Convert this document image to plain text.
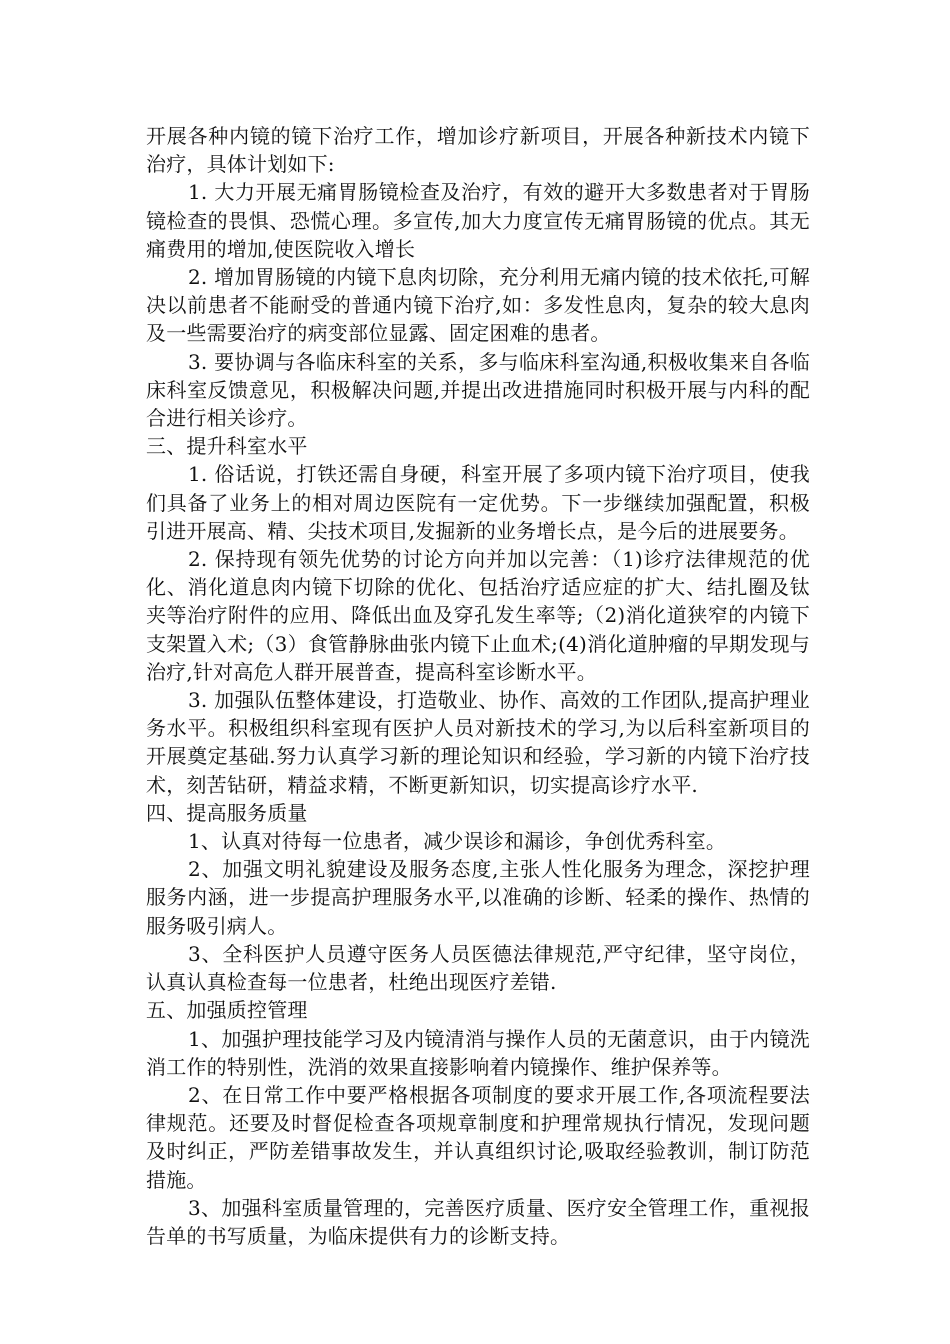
开展各种内镜的镜下治疗工作，增加诊疗新项目，开展各种新技术内镜下治疗，具体计划如下:

1. 大力开展无痛胃肠镜检查及治疗，有效的避开大多数患者对于胃肠镜检查的畏惧、恐慌心理。多宣传,加大力度宣传无痛胃肠镜的优点。其无痛费用的增加,使医院收入增长

2. 增加胃肠镜的内镜下息肉切除，充分利用无痛内镜的技术依托,可解决以前患者不能耐受的普通内镜下治疗,如：多发性息肉，复杂的较大息肉及一些需要治疗的病变部位显露、固定困难的患者。

3. 要协调与各临床科室的关系，多与临床科室沟通,积极收集来自各临床科室反馈意见，积极解决问题,并提出改进措施同时积极开展与内科的配合进行相关诊疗。

三、提升科室水平

1. 俗话说，打铁还需自身硬，科室开展了多项内镜下治疗项目，使我们具备了业务上的相对周边医院有一定优势。下一步继续加强配置，积极引进开展高、精、尖技术项目,发掘新的业务增长点，是今后的进展要务。

2. 保持现有领先优势的讨论方向并加以完善：（1)诊疗法律规范的优化、消化道息肉内镜下切除的优化、包括治疗适应症的扩大、结扎圈及钛夹等治疗附件的应用、降低出血及穿孔发生率等;（2)消化道狭窄的内镜下支架置入术;（3）食管静脉曲张内镜下止血术;(4)消化道肿瘤的早期发现与治疗,针对高危人群开展普查，提高科室诊断水平。

3. 加强队伍整体建设，打造敬业、协作、高效的工作团队,提高护理业务水平。积极组织科室现有医护人员对新技术的学习,为以后科室新项目的开展奠定基础.努力认真学习新的理论知识和经验，学习新的内镜下治疗技术，刻苦钻研，精益求精，不断更新知识，切实提高诊疗水平.

四、提高服务质量

1、认真对待每一位患者，减少误诊和漏诊，争创优秀科室。

2、加强文明礼貌建设及服务态度,主张人性化服务为理念，深挖护理服务内涵，进一步提高护理服务水平,以准确的诊断、轻柔的操作、热情的服务吸引病人。

3、全科医护人员遵守医务人员医德法律规范,严守纪律，坚守岗位，认真认真检查每一位患者，杜绝出现医疗差错.

五、加强质控管理

1、加强护理技能学习及内镜清消与操作人员的无菌意识，由于内镜洗消工作的特别性，洗消的效果直接影响着内镜操作、维护保养等。

2、在日常工作中要严格根据各项制度的要求开展工作,各项流程要法律规范。还要及时督促检查各项规章制度和护理常规执行情况，发现问题及时纠正，严防差错事故发生，并认真组织讨论,吸取经验教训，制订防范措施。

3、加强科室质量管理的，完善医疗质量、医疗安全管理工作，重视报告单的书写质量，为临床提供有力的诊断支持。
